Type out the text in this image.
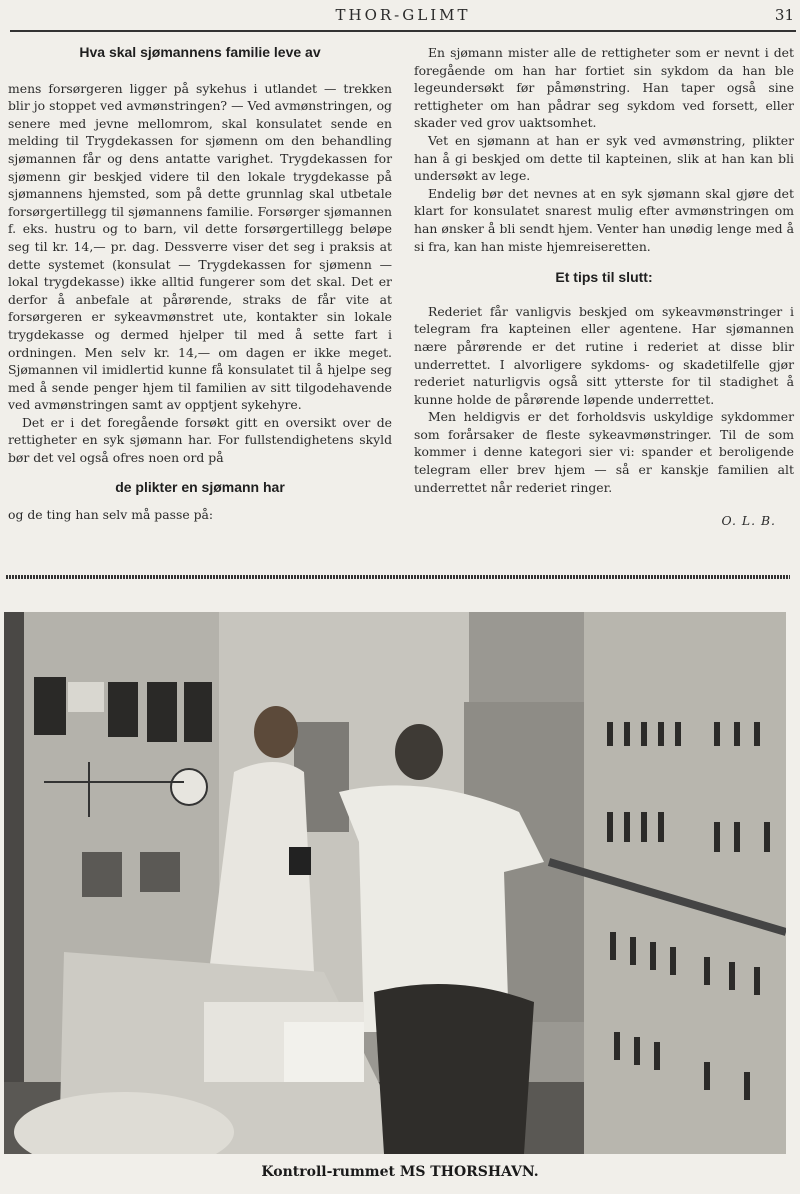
THOR-GLIMT	31
Hva skal sjømannens familie leve av

mens forsørgeren ligger på sykehus i utlandet — trekken blir jo stoppet ved avmønstringen? — Ved avmønstringen, og senere med jevne mellomrom, skal konsulatet sende en melding til Trygdekassen for sjømenn om den behandling sjømannen får og dens antatte varighet. Trygdekassen for sjømenn gir beskjed videre til den lokale trygdekasse på sjømannens hjemsted, som på dette grunnlag skal utbetale forsørgertillegg til sjømannens familie. Forsørger sjømannen f. eks. hustru og to barn, vil dette forsørgertillegg beløpe seg til kr. 14,— pr. dag. Dessverre viser det seg i praksis at dette systemet (konsulat — Trygdekassen for sjømenn — lokal trygdekasse) ikke alltid fungerer som det skal. Det er derfor å anbefale at pårørende, straks de får vite at forsørgeren er sykeavmønstret ute, kontakter sin lokale trygdekasse og dermed hjelper til med å sette fart i ordningen. Men selv kr. 14,— om dagen er ikke meget. Sjømannen vil imidlertid kunne få konsulatet til å hjelpe seg med å sende penger hjem til familien av sitt tilgodehavende ved avmønstringen samt av opptjent sykehyre.

Det er i det foregående forsøkt gitt en oversikt over de rettigheter en syk sjømann har. For fullstendighetens skyld bør det vel også ofres noen ord på

de plikter en sjømann har

og de ting han selv må passe på:

En sjømann mister alle de rettigheter som er nevnt i det foregående om han har fortiet sin sykdom da han ble legeundersøkt før påmønstring. Han taper også sine rettigheter om han pådrar seg sykdom ved forsett, eller skader ved grov uaktsomhet.

Vet en sjømann at han er syk ved avmønstring, plikter han å gi beskjed om dette til kapteinen, slik at han kan bli undersøkt av lege.

Endelig bør det nevnes at en syk sjømann skal gjøre det klart for konsulatet snarest mulig efter avmønstringen om han ønsker å bli sendt hjem. Venter han unødig lenge med å si fra, kan han miste hjemreiseretten.

Et tips til slutt:

Rederiet får vanligvis beskjed om sykeavmønstringer i telegram fra kapteinen eller agentene. Har sjømannen nære pårørende er det rutine i rederiet at disse blir underrettet. I alvorligere sykdoms- og skadetilfelle gjør rederiet naturligvis også sitt ytterste for til stadighet å kunne holde de pårørende løpende underrettet.

Men heldigvis er det forholdsvis uskyldige sykdommer som forårsaker de fleste sykeavmønstringer. Til de som kommer i denne kategori sier vi: spander et beroligende telegram eller brev hjem — så er kanskje familien alt underrettet når rederiet ringer.

O. L. B.
Kontroll-rummet MS THORSHAVN.
